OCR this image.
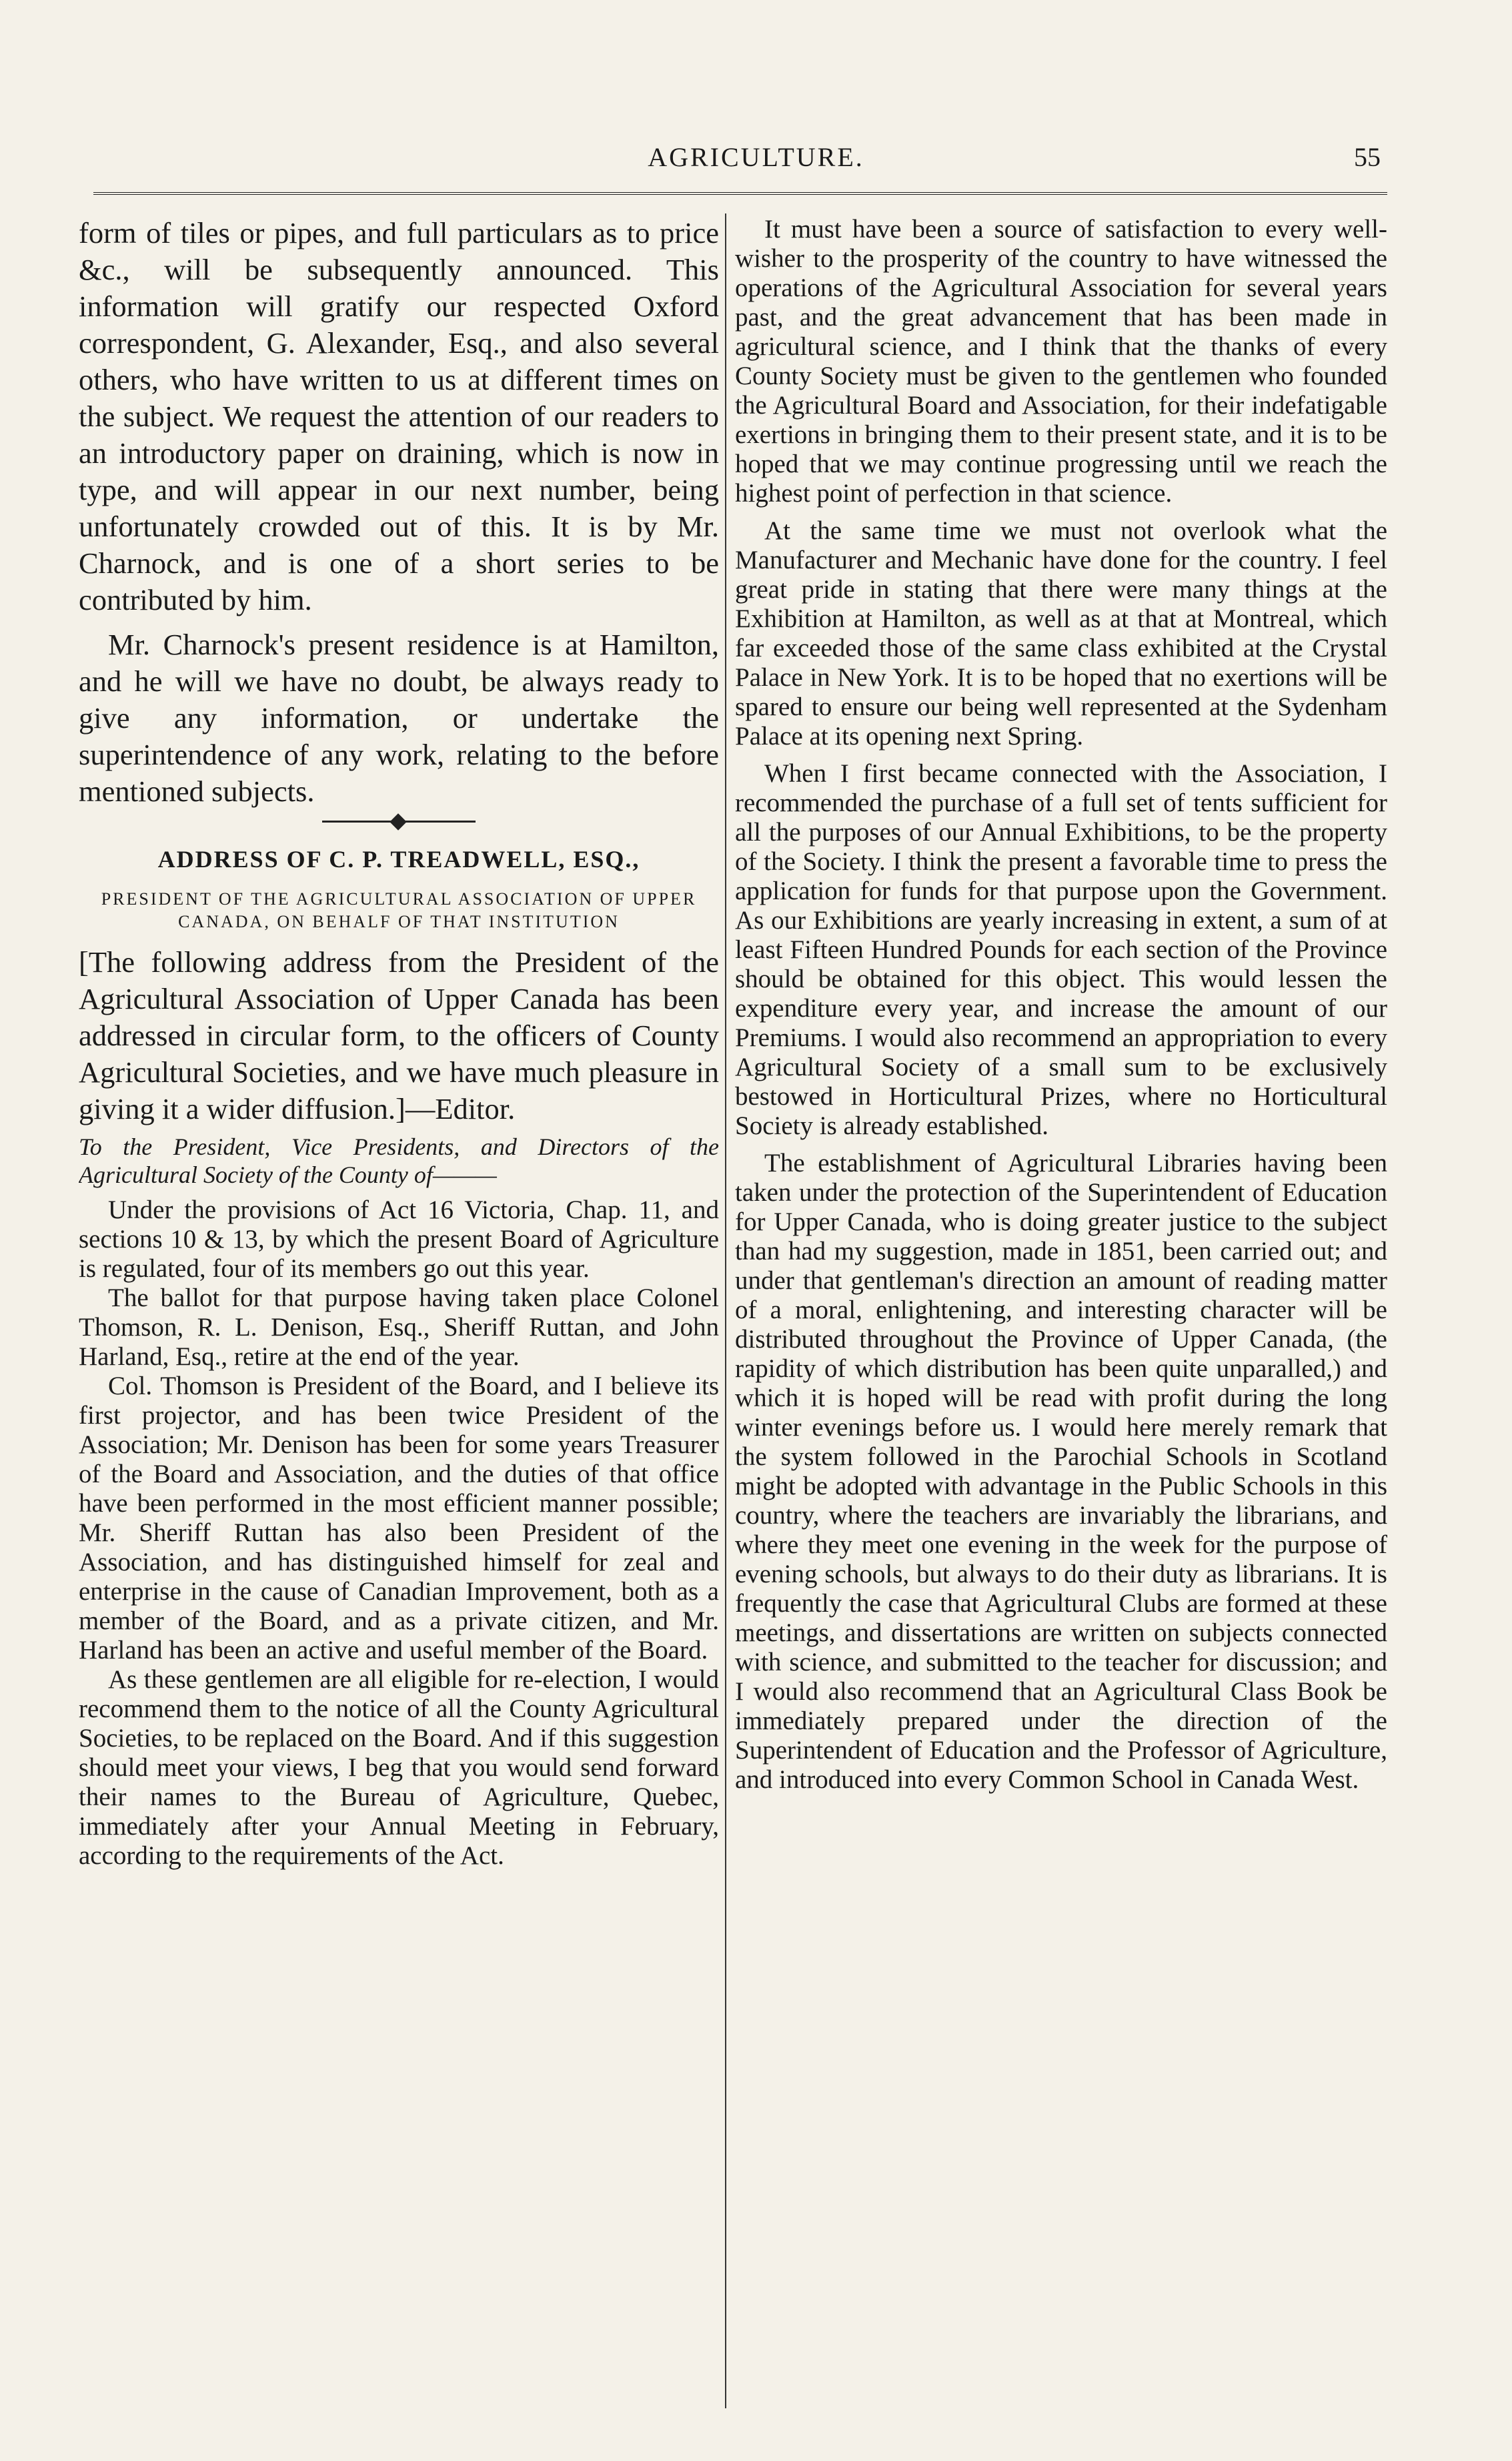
AGRICULTURE.	55

form of tiles or pipes, and full particulars as to price &c., will be subsequently announced. This information will gratify our respected Oxford correspondent, G. Alexander, Esq., and also several others, who have written to us at different times on the subject. We request the attention of our readers to an introductory paper on draining, which is now in type, and will appear in our next number, being unfortunately crowded out of this. It is by Mr. Charnock, and is one of a short series to be contributed by him.

Mr. Charnock's present residence is at Hamilton, and he will we have no doubt, be always ready to give any information, or undertake the superintendence of any work, relating to the before mentioned subjects.

ADDRESS OF C. P. TREADWELL, ESQ.,
PRESIDENT OF THE AGRICULTURAL ASSOCIATION OF UPPER CANADA, ON BEHALF OF THAT INSTITUTION

[The following address from the President of the Agricultural Association of Upper Canada has been addressed in circular form, to the officers of County Agricultural Societies, and we have much pleasure in giving it a wider diffusion.]—Editor.

To the President, Vice Presidents, and Directors of the Agricultural Society of the County of———

Under the provisions of Act 16 Victoria, Chap. 11, and sections 10 & 13, by which the present Board of Agriculture is regulated, four of its members go out this year.

The ballot for that purpose having taken place Colonel Thomson, R. L. Denison, Esq., Sheriff Ruttan, and John Harland, Esq., retire at the end of the year.

Col. Thomson is President of the Board, and I believe its first projector, and has been twice President of the Association; Mr. Denison has been for some years Treasurer of the Board and Association, and the duties of that office have been performed in the most efficient manner possible; Mr. Sheriff Ruttan has also been President of the Association, and has distinguished himself for zeal and enterprise in the cause of Canadian Improvement, both as a member of the Board, and as a private citizen, and Mr. Harland has been an active and useful member of the Board.

As these gentlemen are all eligible for re-election, I would recommend them to the notice of all the County Agricultural Societies, to be replaced on the Board. And if this suggestion should meet your views, I beg that you would send forward their names to the Bureau of Agriculture, Quebec, immediately after your Annual Meeting in February, according to the requirements of the Act.

It must have been a source of satisfaction to every well-wisher to the prosperity of the country to have witnessed the operations of the Agricultural Association for several years past, and the great advancement that has been made in agricultural science, and I think that the thanks of every County Society must be given to the gentlemen who founded the Agricultural Board and Association, for their indefatigable exertions in bringing them to their present state, and it is to be hoped that we may continue progressing until we reach the highest point of perfection in that science.

At the same time we must not overlook what the Manufacturer and Mechanic have done for the country. I feel great pride in stating that there were many things at the Exhibition at Hamilton, as well as at that at Montreal, which far exceeded those of the same class exhibited at the Crystal Palace in New York. It is to be hoped that no exertions will be spared to ensure our being well represented at the Sydenham Palace at its opening next Spring.

When I first became connected with the Association, I recommended the purchase of a full set of tents sufficient for all the purposes of our Annual Exhibitions, to be the property of the Society. I think the present a favorable time to press the application for funds for that purpose upon the Government. As our Exhibitions are yearly increasing in extent, a sum of at least Fifteen Hundred Pounds for each section of the Province should be obtained for this object. This would lessen the expenditure every year, and increase the amount of our Premiums. I would also recommend an appropriation to every Agricultural Society of a small sum to be exclusively bestowed in Horticultural Prizes, where no Horticultural Society is already established.

The establishment of Agricultural Libraries having been taken under the protection of the Superintendent of Education for Upper Canada, who is doing greater justice to the subject than had my suggestion, made in 1851, been carried out; and under that gentleman's direction an amount of reading matter of a moral, enlightening, and interesting character will be distributed throughout the Province of Upper Canada, (the rapidity of which distribution has been quite unparalled,) and which it is hoped will be read with profit during the long winter evenings before us. I would here merely remark that the system followed in the Parochial Schools in Scotland might be adopted with advantage in the Public Schools in this country, where the teachers are invariably the librarians, and where they meet one evening in the week for the purpose of evening schools, but always to do their duty as librarians. It is frequently the case that Agricultural Clubs are formed at these meetings, and dissertations are written on subjects connected with science, and submitted to the teacher for discussion; and I would also recommend that an Agricultural Class Book be immediately prepared under the direction of the Superintendent of Education and the Professor of Agriculture, and introduced into every Common School in Canada West.
